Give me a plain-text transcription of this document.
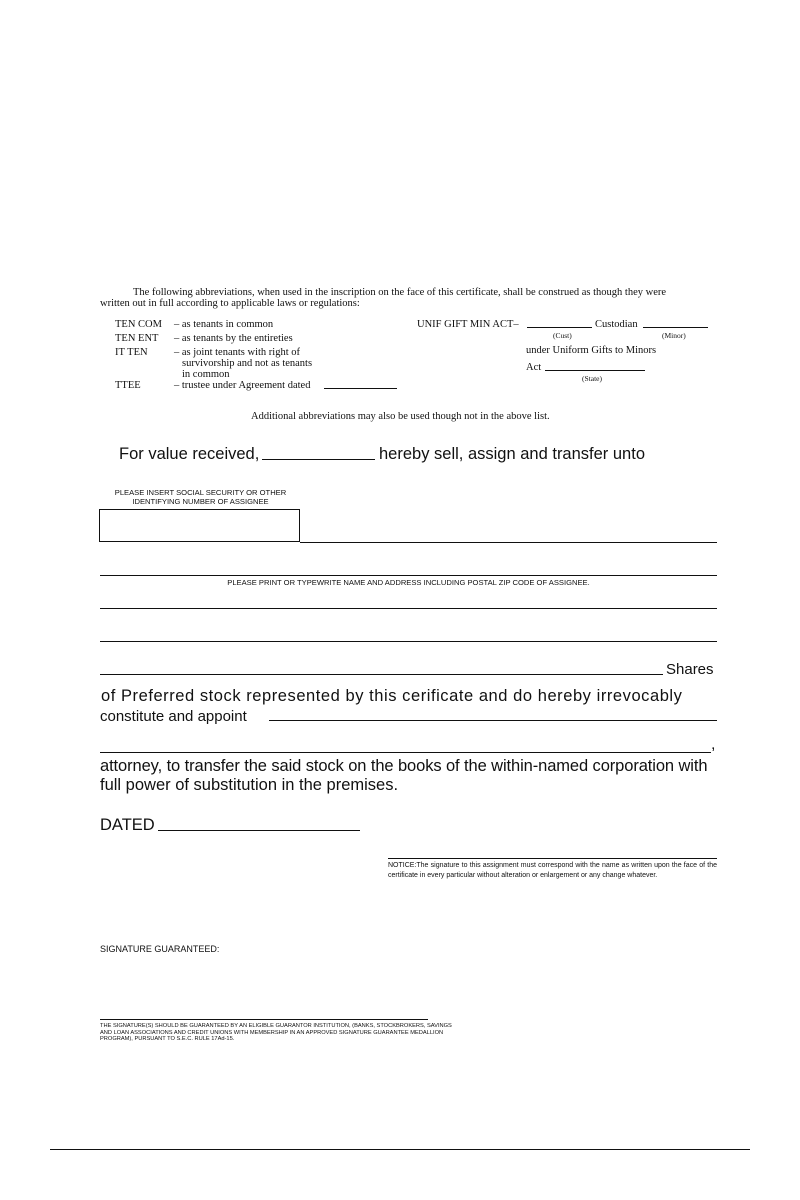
The following abbreviations, when used in the inscription on the face of this certificate, shall be construed as though they were
written out in full according to applicable laws or regulations:
TEN COM – as tenants in common
TEN ENT – as tenants by the entireties
IT TEN	– as joint tenants with right of
survivorship and not as tenants
in common
TTEE	– trustee under Agreement dated
UNIF GIFT MIN ACT–	Custodian
(Cust)	(Minor)
under Uniform Gifts to Minors
Act
(State)
Additional abbreviations may also be used though not in the above list.
For value received,	hereby sell, assign and transfer unto
PLEASE INSERT SOCIAL SECURITY OR OTHER
IDENTIFYING NUMBER OF ASSIGNEE
PLEASE PRINT OR TYPEWRITE NAME AND ADDRESS INCLUDING POSTAL ZIP CODE OF ASSIGNEE.
Shares
of Preferred stock represented by this cerificate and do hereby irrevocably
constitute and appoint
,
attorney, to transfer the said stock on the books of the within-named corporation with
full power of substitution in the premises.
DATED
NOTICE:The signature to this assignment must correspond with the name as written upon the face of the certificate in every particular without alteration or enlargement or any change whatever.
SIGNATURE GUARANTEED:
THE SIGNATURE(S) SHOULD BE GUARANTEED BY AN ELIGIBLE GUARANTOR INSTITUTION, (BANKS, STOCKBROKERS, SAVINGS AND LOAN ASSOCIATIONS AND CREDIT UNIONS WITH MEMBERSHIP IN AN APPROVED SIGNATURE GUARANTEE MEDALLION PROGRAM), PURSUANT TO S.E.C. RULE 17Ad-15.
